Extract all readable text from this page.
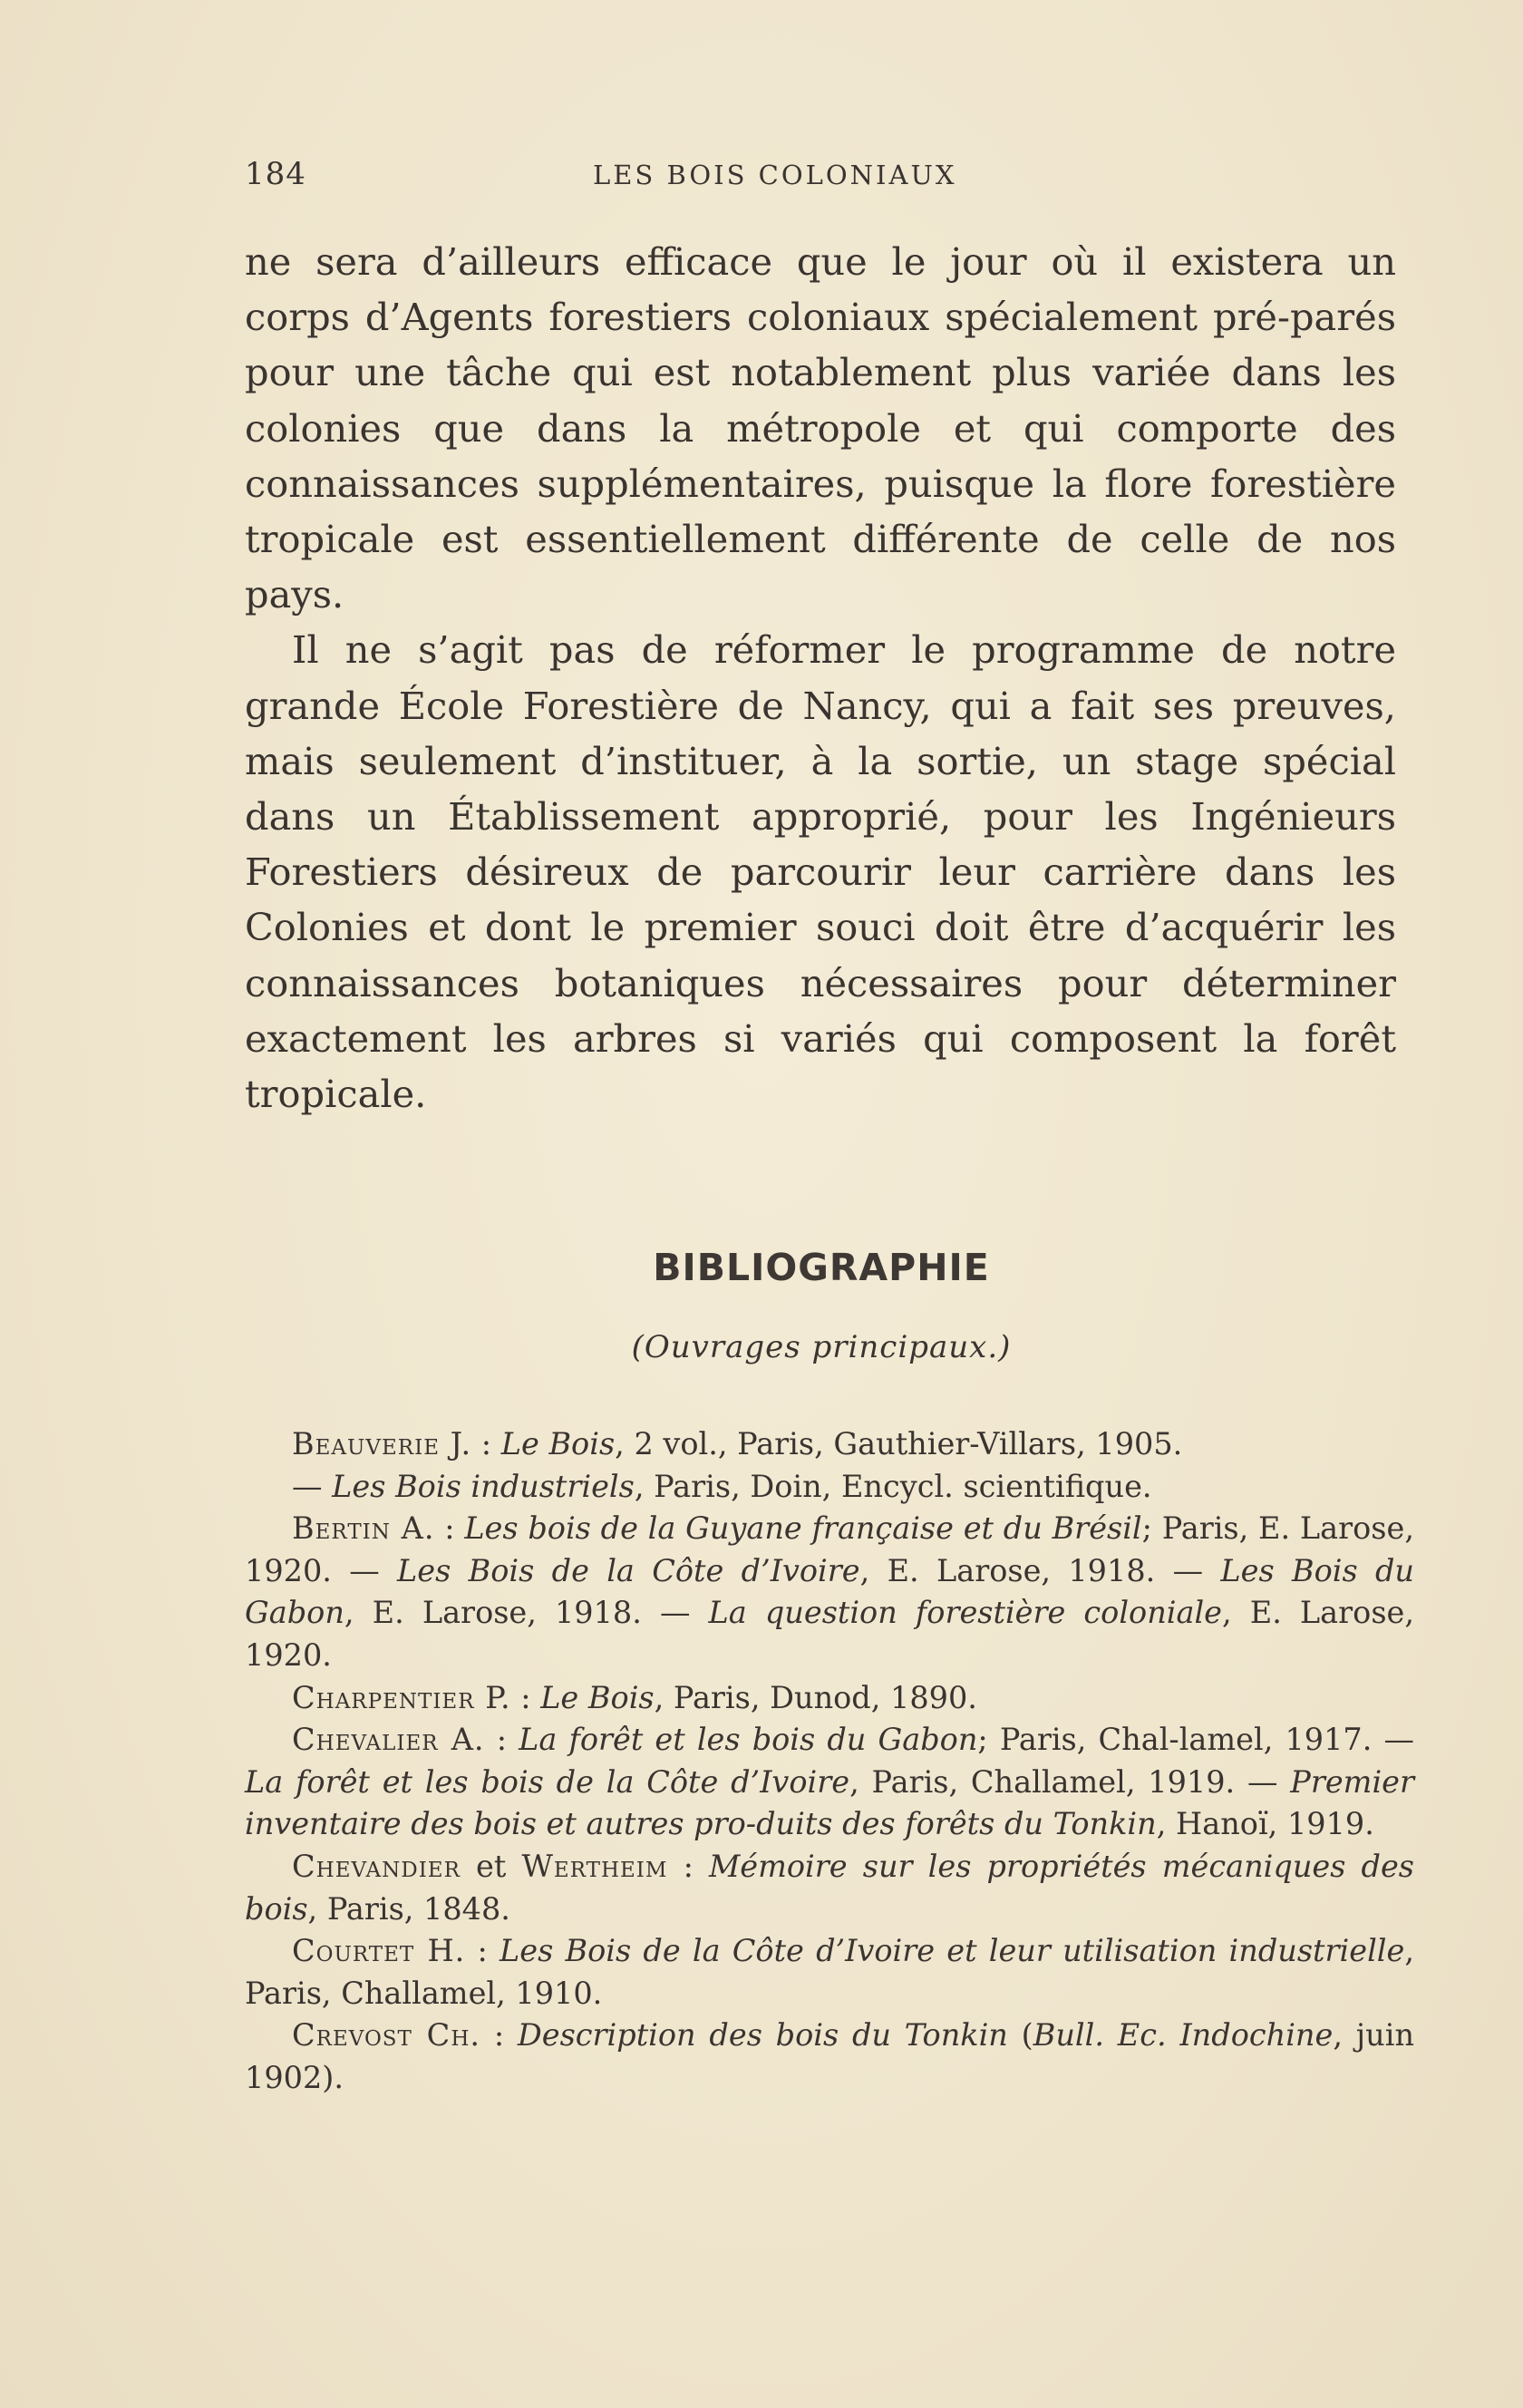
184	LES BOIS COLONIAUX

ne sera d’ailleurs efficace que le jour où il existera un corps d’Agents forestiers coloniaux spécialement pré-parés pour une tâche qui est notablement plus variée dans les colonies que dans la métropole et qui comporte des connaissances supplémentaires, puisque la flore forestière tropicale est essentiellement différente de celle de nos pays.

Il ne s’agit pas de réformer le programme de notre grande École Forestière de Nancy, qui a fait ses preuves, mais seulement d’instituer, à la sortie, un stage spécial dans un Établissement approprié, pour les Ingénieurs Forestiers désireux de parcourir leur carrière dans les Colonies et dont le premier souci doit être d’acquérir les connaissances botaniques nécessaires pour déterminer exactement les arbres si variés qui composent la forêt tropicale.

BIBLIOGRAPHIE
(Ouvrages principaux.)

Beauverie J. : Le Bois, 2 vol., Paris, Gauthier-Villars, 1905.

— Les Bois industriels, Paris, Doin, Encycl. scientifique.

Bertin A. : Les bois de la Guyane française et du Brésil; Paris, E. Larose, 1920. — Les Bois de la Côte d’Ivoire, E. Larose, 1918. — Les Bois du Gabon, E. Larose, 1918. — La question forestière coloniale, E. Larose, 1920.

Charpentier P. : Le Bois, Paris, Dunod, 1890.

Chevalier A. : La forêt et les bois du Gabon; Paris, Chal-lamel, 1917. — La forêt et les bois de la Côte d’Ivoire, Paris, Challamel, 1919. — Premier inventaire des bois et autres pro-duits des forêts du Tonkin, Hanoï, 1919.

Chevandier et Wertheim : Mémoire sur les propriétés mécaniques des bois, Paris, 1848.

Courtet H. : Les Bois de la Côte d’Ivoire et leur utilisation industrielle, Paris, Challamel, 1910.

Crevost Ch. : Description des bois du Tonkin (Bull. Ec. Indochine, juin 1902).
